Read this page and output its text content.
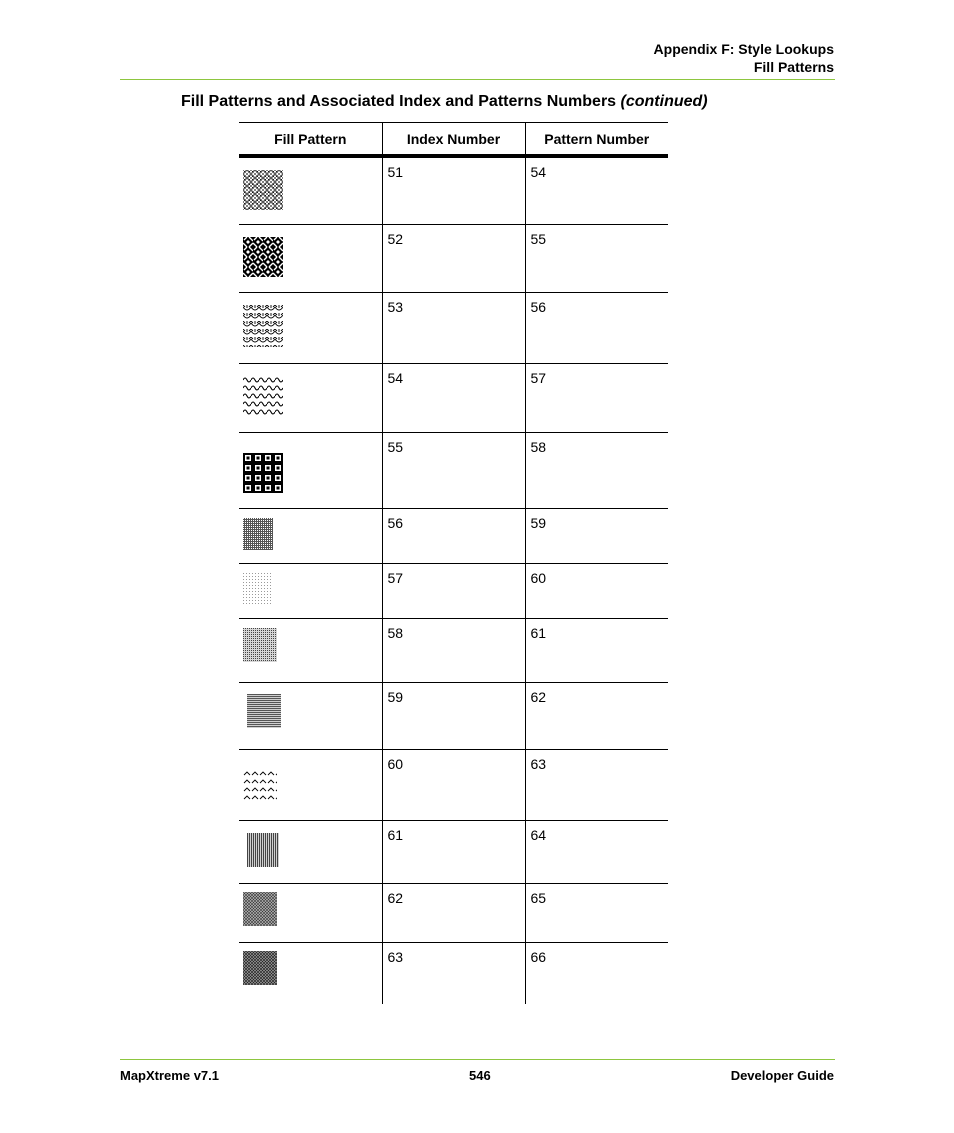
Appendix F: Style Lookups
Fill Patterns
Fill Patterns and Associated Index and Patterns Numbers (continued)
Fill Pattern	Index Number	Pattern Number

	51	54

	52	55

	53	56

	54	57

	55	58

	56	59

	57	60

	58	61

	59	62

	60	63

	61	64

	62	65

	63	66
MapXtreme v7.1	546	Developer Guide
